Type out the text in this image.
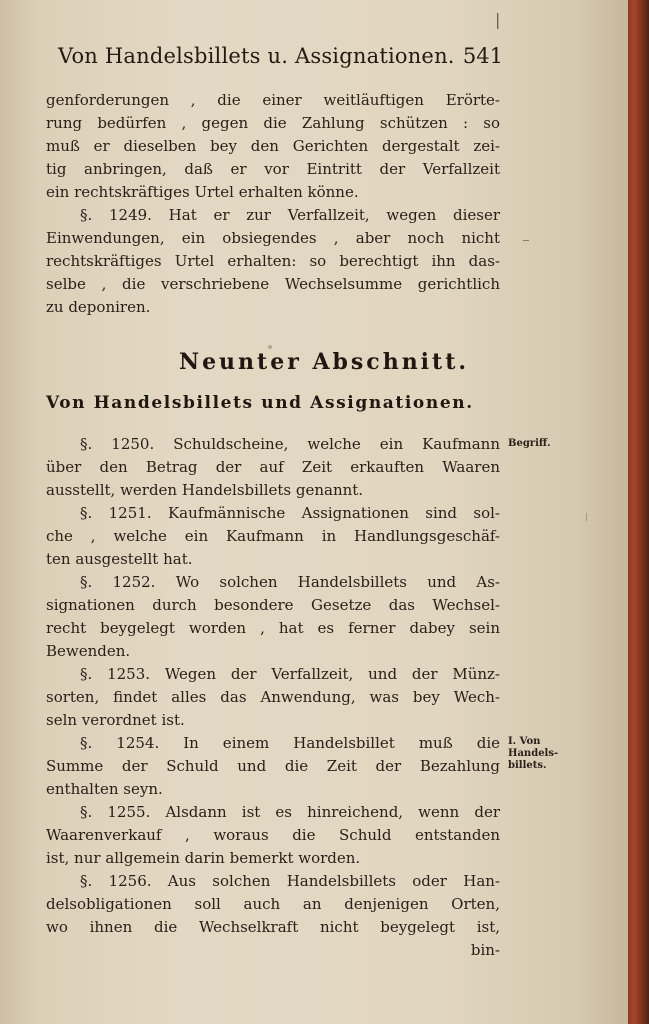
|
Von Handelsbillets u. Assignationen. 541
genforderungen , die einer weitläuftigen Erörte-
rung bedürfen , gegen die Zahlung schützen : so
muß er dieselben bey den Gerichten dergestalt zei-
tig anbringen, daß er vor Eintritt der Verfallzeit
ein rechtskräftiges Urtel erhalten könne.
§. 1249. Hat er zur Verfallzeit, wegen dieser
Einwendungen, ein obsiegendes , aber noch nicht
rechtskräftiges Urtel erhalten: so berechtigt ihn das-
selbe , die verschriebene Wechselsumme gerichtlich
zu deponiren.
Neunter Abschnitt.
Von Handelsbillets und Assignationen.
§. 1250. Schuldscheine, welche ein Kaufmann
über den Betrag der auf Zeit erkauften Waaren
ausstellt, werden Handelsbillets genannt.
§. 1251. Kaufmännische Assignationen sind sol-
che , welche ein Kaufmann in Handlungsgeschäf-
ten ausgestellt hat.
§. 1252. Wo solchen Handelsbillets und As-
signationen durch besondere Gesetze das Wechsel-
recht beygelegt worden , hat es ferner dabey sein
Bewenden.
§. 1253. Wegen der Verfallzeit, und der Münz-
sorten, findet alles das Anwendung, was bey Wech-
seln verordnet ist.
§. 1254. In einem Handelsbillet muß die
Summe der Schuld und die Zeit der Bezahlung
enthalten seyn.
§. 1255. Alsdann ist es hinreichend, wenn der
Waarenverkauf , woraus die Schuld entstanden
ist, nur allgemein darin bemerkt worden.
§. 1256. Aus solchen Handelsbillets oder Han-
delsobligationen soll auch an denjenigen Orten,
wo ihnen die Wechselkraft nicht beygelegt ist,
bin-
Begriff.
I. Von
Handels-
billets.
